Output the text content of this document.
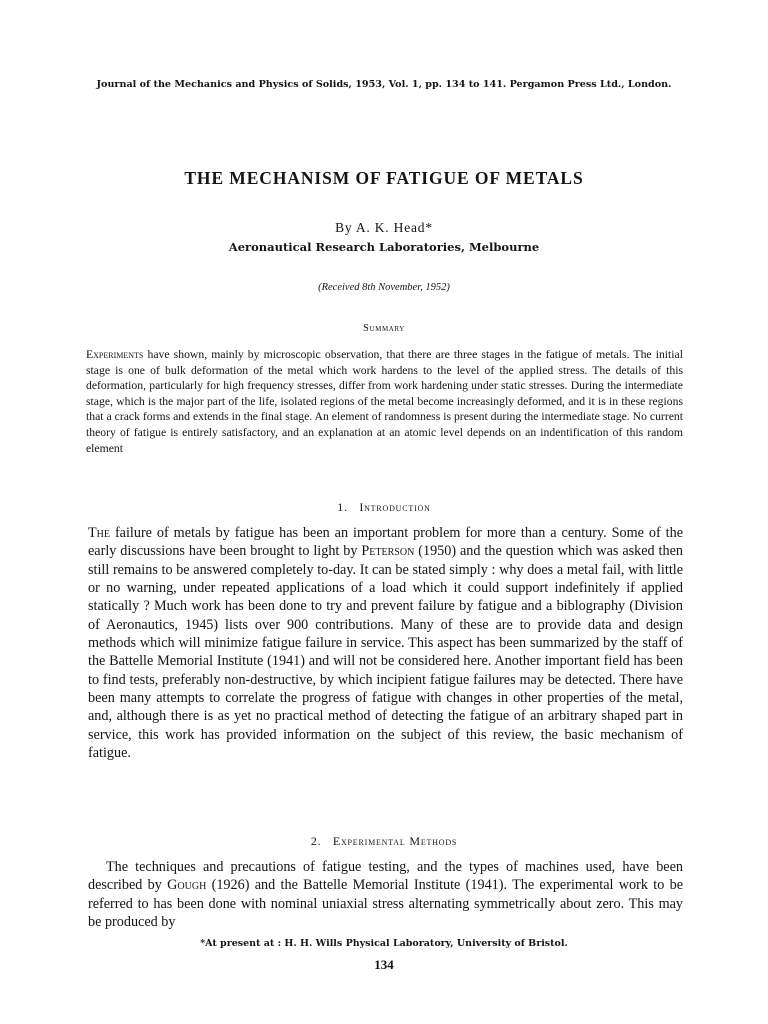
Journal of the Mechanics and Physics of Solids, 1953, Vol. 1, pp. 134 to 141. Pergamon Press Ltd., London.
THE MECHANISM OF FATIGUE OF METALS
By A. K. Head*
Aeronautical Research Laboratories, Melbourne
(Received 8th November, 1952)
Summary
Experiments have shown, mainly by microscopic observation, that there are three stages in the fatigue of metals. The initial stage is one of bulk deformation of the metal which work hardens to the level of the applied stress. The details of this deformation, particularly for high frequency stresses, differ from work hardening under static stresses. During the intermediate stage, which is the major part of the life, isolated regions of the metal become increasingly deformed, and it is in these regions that a crack forms and extends in the final stage. An element of randomness is present during the intermediate stage. No current theory of fatigue is entirely satisfactory, and an explanation at an atomic level depends on an indentification of this random element
1. Introduction

The failure of metals by fatigue has been an important problem for more than a century. Some of the early discussions have been brought to light by Peterson (1950) and the question which was asked then still remains to be answered completely to-day. It can be stated simply : why does a metal fail, with little or no warning, under repeated applications of a load which it could support indefinitely if applied statically ? Much work has been done to try and prevent failure by fatigue and a biblography (Division of Aeronautics, 1945) lists over 900 contributions. Many of these are to provide data and design methods which will minimize fatigue failure in service. This aspect has been summarized by the staff of the Battelle Memorial Institute (1941) and will not be considered here. Another important field has been to find tests, preferably non-destructive, by which incipient fatigue failures may be detected. There have been many attempts to correlate the progress of fatigue with changes in other properties of the metal, and, although there is as yet no practical method of detecting the fatigue of an arbitrary shaped part in service, this work has provided information on the subject of this review, the basic mechanism of fatigue.

2. Experimental Methods

The techniques and precautions of fatigue testing, and the types of machines used, have been described by Gough (1926) and the Battelle Memorial Institute (1941). The experimental work to be referred to has been done with nominal uniaxial stress alternating symmetrically about zero. This may be produced by

*At present at : H. H. Wills Physical Laboratory, University of Bristol.
134
